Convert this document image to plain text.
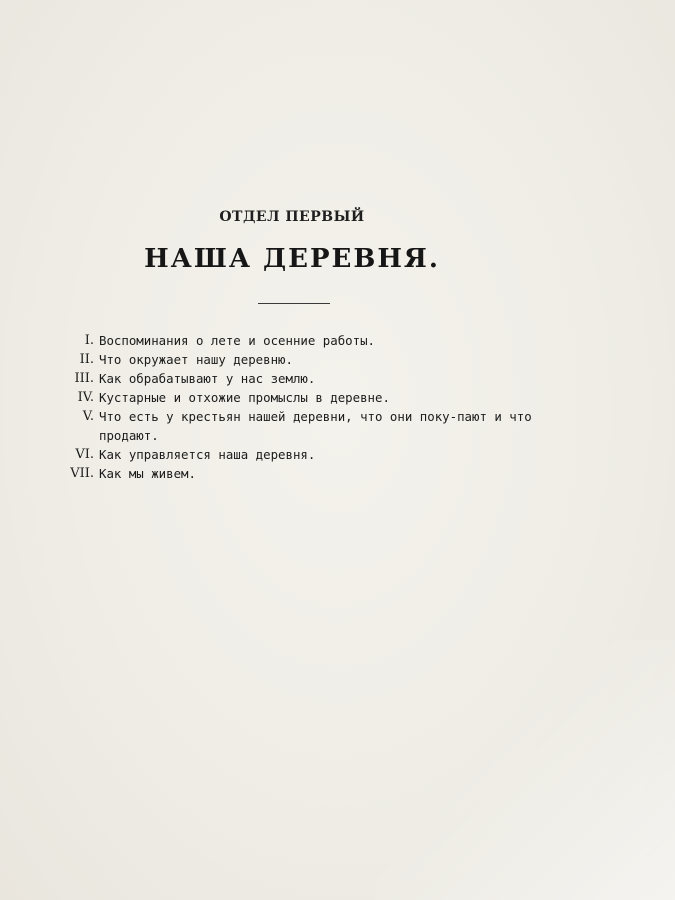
ОТДЕЛ ПЕРВЫЙ
НАША ДЕРЕВНЯ.
I. Воспоминания о лете и осенние работы.
II. Что окружает нашу деревню.
III. Как обрабатывают у нас землю.
IV. Кустарные и отхожие промыслы в деревне.
V. Что есть у крестьян нашей деревни, что они поку-пают и что продают.
VI. Как управляется наша деревня.
VII. Как мы живем.
